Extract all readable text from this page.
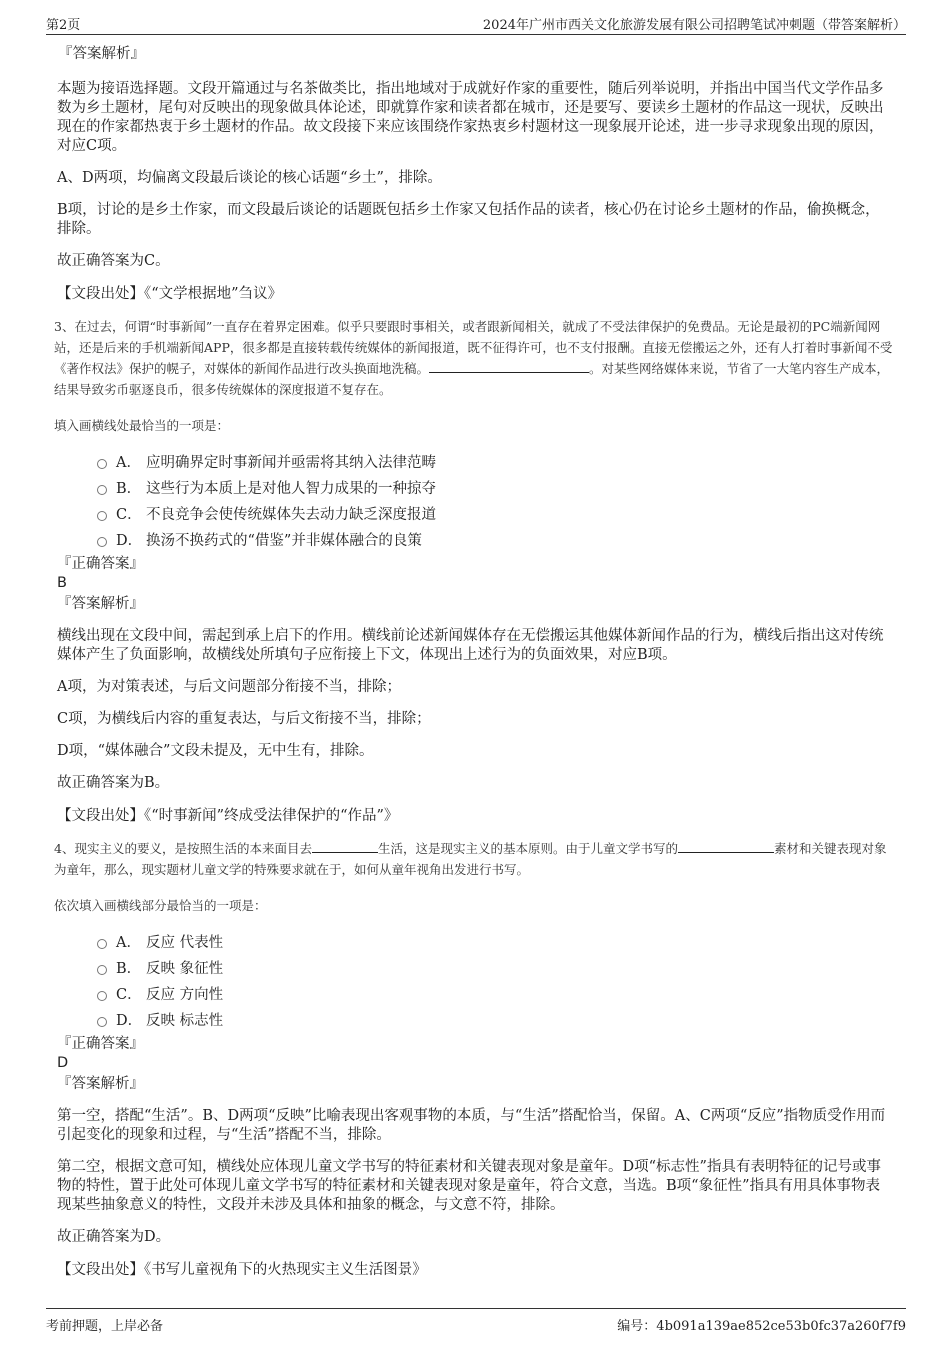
第2页	2024年广州市西关文化旅游发展有限公司招聘笔试冲刺题（带答案解析）
『答案解析』

本题为接语选择题。文段开篇通过与名茶做类比，指出地域对于成就好作家的重要性，随后列举说明，并指出中国当代文学作品多数为乡土题材，尾句对反映出的现象做具体论述，即就算作家和读者都在城市，还是要写、要读乡土题材的作品这一现状，反映出现在的作家都热衷于乡土题材的作品。故文段接下来应该围绕作家热衷乡村题材这一现象展开论述，进一步寻求现象出现的原因，对应C项。

A、D两项，均偏离文段最后谈论的核心话题“乡土”，排除。

B项，讨论的是乡土作家，而文段最后谈论的话题既包括乡土作家又包括作品的读者，核心仍在讨论乡土题材的作品，偷换概念，排除。

故正确答案为C。

【文段出处】《“文学根据地”刍议》

3、在过去，何谓“时事新闻”一直存在着界定困难。似乎只要跟时事相关，或者跟新闻相关，就成了不受法律保护的免费品。无论是最初的PC端新闻网站，还是后来的手机端新闻APP，很多都是直接转载传统媒体的新闻报道，既不征得许可，也不支付报酬。直接无偿搬运之外，还有人打着时事新闻不受《著作权法》保护的幌子，对媒体的新闻作品进行改头换面地洗稿。	。对某些网络媒体来说，节省了一大笔内容生产成本，结果导致劣币驱逐良币，很多传统媒体的深度报道不复存在。

填入画横线处最恰当的一项是：

A． 应明确界定时事新闻并亟需将其纳入法律范畴
B． 这些行为本质上是对他人智力成果的一种掠夺
C． 不良竞争会使传统媒体失去动力缺乏深度报道
D． 换汤不换药式的“借鉴”并非媒体融合的良策
『正确答案』
B
『答案解析』

横线出现在文段中间，需起到承上启下的作用。横线前论述新闻媒体存在无偿搬运其他媒体新闻作品的行为，横线后指出这对传统媒体产生了负面影响，故横线处所填句子应衔接上下文，体现出上述行为的负面效果，对应B项。

A项，为对策表述，与后文问题部分衔接不当，排除；

C项，为横线后内容的重复表达，与后文衔接不当，排除；

D项，“媒体融合”文段未提及，无中生有，排除。

故正确答案为B。

【文段出处】《“时事新闻”终成受法律保护的“作品”》

4、现实主义的要义，是按照生活的本来面目去	生活，这是现实主义的基本原则。由于儿童文学书写的	素材和关键表现对象为童年，那么，现实题材儿童文学的特殊要求就在于，如何从童年视角出发进行书写。

依次填入画横线部分最恰当的一项是：

A． 反应 代表性
B． 反映 象征性
C． 反应 方向性
D． 反映 标志性
『正确答案』
D
『答案解析』

第一空，搭配“生活”。B、D两项“反映”比喻表现出客观事物的本质，与“生活”搭配恰当，保留。A、C两项“反应”指物质受作用而引起变化的现象和过程，与“生活”搭配不当，排除。

第二空，根据文意可知，横线处应体现儿童文学书写的特征素材和关键表现对象是童年。D项“标志性”指具有表明特征的记号或事物的特性，置于此处可体现儿童文学书写的特征素材和关键表现对象是童年，符合文意，当选。B项“象征性”指具有用具体事物表现某些抽象意义的特性，文段并未涉及具体和抽象的概念，与文意不符，排除。

故正确答案为D。

【文段出处】《书写儿童视角下的火热现实主义生活图景》

考前押题，上岸必备	编号：4b091a139ae852ce53b0fc37a260f7f9
